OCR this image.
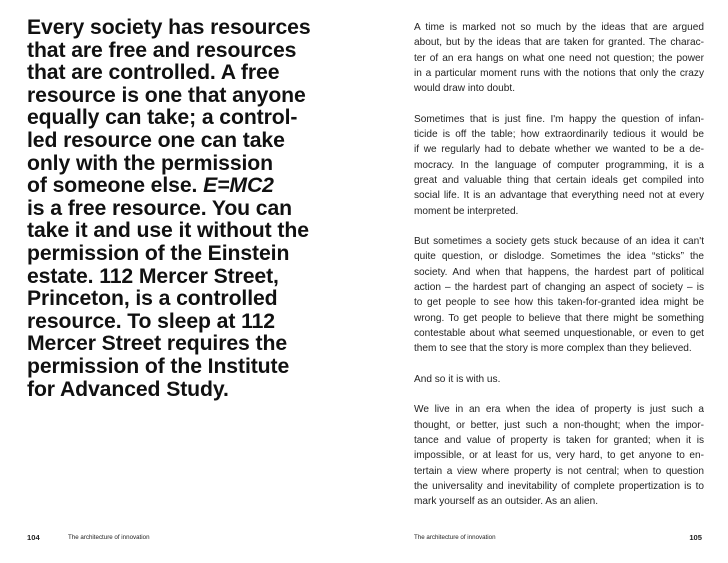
Every society has resources
that are free and resources
that are controlled. A free
resource is one that anyone
equally can take; a control-
led resource one can take
only with the permission
of someone else. E=MC2
is a free resource. You can
take it and use it without the
permission of the Einstein
estate. 112 Mercer Street,
Princeton, is a controlled
resource. To sleep at 112
Mercer Street requires the
permission of the Institute
for Advanced Study.

104	The architecture of innovation

A time is marked not so much by the ideas that are argued
about, but by the ideas that are taken for granted. The charac-
ter of an era hangs on what one need not question; the power
in a particular moment runs with the notions that only the crazy
would draw into doubt.

Sometimes that is just fine. I'm happy the question of infan-
ticide is off the table; how extraordinarily tedious it would be
if we regularly had to debate whether we wanted to be a de-
mocracy. In the language of computer programming, it is a
great and valuable thing that certain ideals get compiled into
social life. It is an advantage that everything need not at every
moment be interpreted.

But sometimes a society gets stuck because of an idea it can't
quite question, or dislodge. Sometimes the idea “sticks” the
society. And when that happens, the hardest part of political
action – the hardest part of changing an aspect of society – is
to get people to see how this taken-for-granted idea might be
wrong. To get people to believe that there might be something
contestable about what seemed unquestionable, or even to get
them to see that the story is more complex than they believed.

And so it is with us.

We live in an era when the idea of property is just such a
thought, or better, just such a non-thought; when the impor-
tance and value of property is taken for granted; when it is
impossible, or at least for us, very hard, to get anyone to en-
tertain a view where property is not central; when to question
the universality and inevitability of complete propertization is to
mark yourself as an outsider. As an alien.

The architecture of innovation	105
